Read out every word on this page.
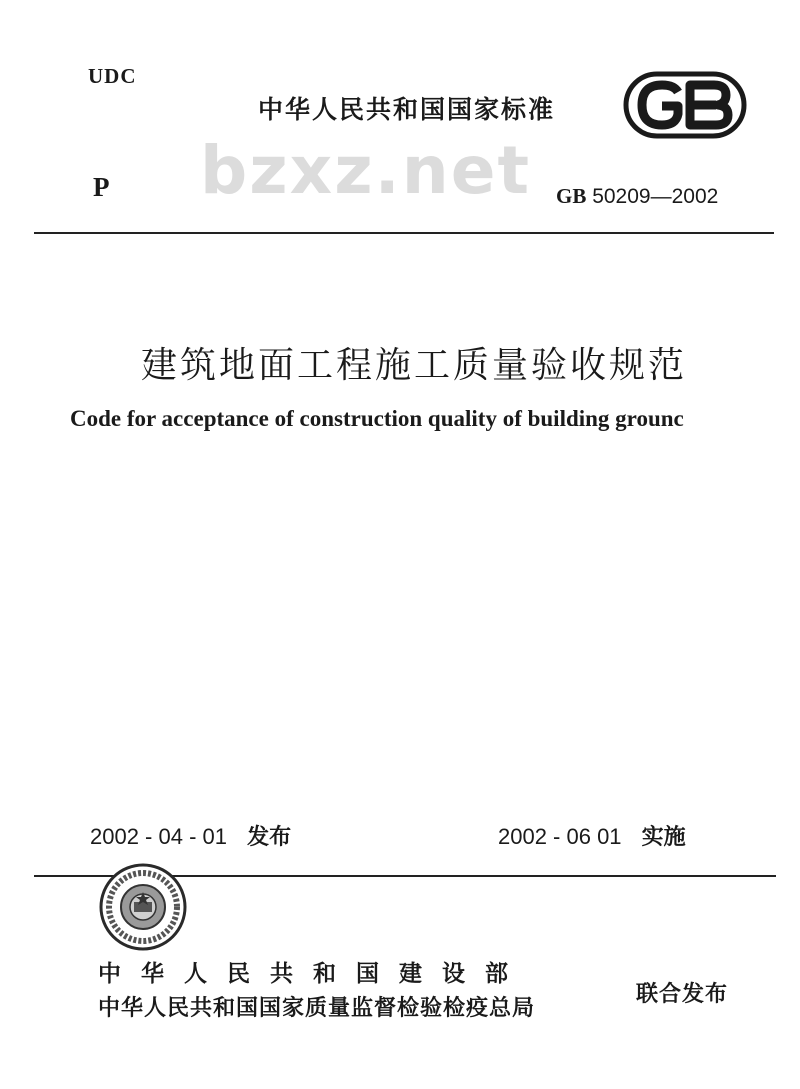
UDC
P
中华人民共和国国家标准
bzxz.net GB 50209—2002
建筑地面工程施工质量验收规范
Code for acceptance of construction quality of building grounc
2002 - 04 - 01 发布	2002 - 06 01 实施
中华人民共和国建设部
中华人民共和国国家质量监督检验检疫总局
联合发布
